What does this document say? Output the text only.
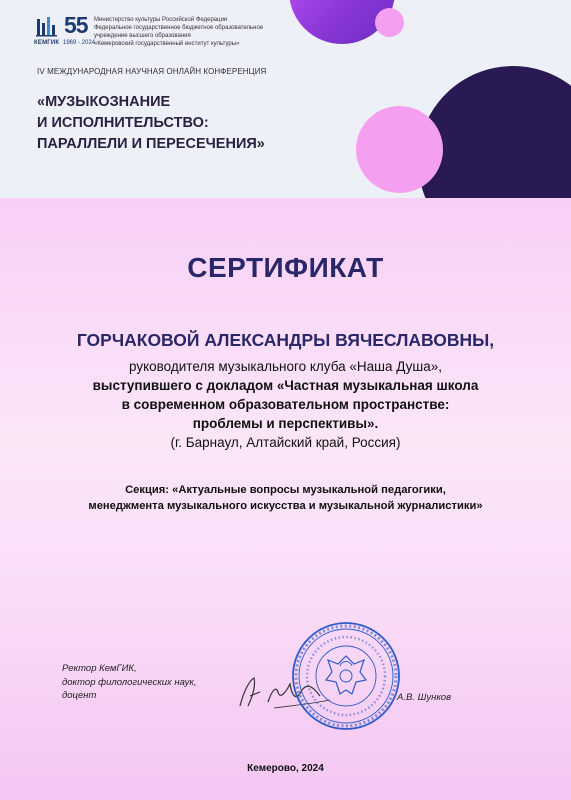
КЕМГИК
55
1969 - 2024
Министерство культуры Российской Федерации
Федеральное государственное бюджетное образовательное
учреждение высшего образования
«Кемеровский государственный институт культуры»
IV МЕЖДУНАРОДНАЯ НАУЧНАЯ ОНЛАЙН КОНФЕРЕНЦИЯ
«МУЗЫКОЗНАНИЕ
И ИСПОЛНИТЕЛЬСТВО:
ПАРАЛЛЕЛИ И ПЕРЕСЕЧЕНИЯ»
СЕРТИФИКАТ
ГОРЧАКОВОЙ АЛЕКСАНДРЫ ВЯЧЕСЛАВОВНЫ,
руководителя музыкального клуба «Наша Душа»,
выступившего с докладом «Частная музыкальная школа
в современном образовательном пространстве:
проблемы и перспективы».
(г. Барнаул, Алтайский край, Россия)
Секция: «Актуальные вопросы музыкальной педагогики,
менеджмента музыкального искусства и музыкальной журналистики»
Ректор КемГИК,
доктор филологических наук,
доцент	А.В. Шунков
Кемерово, 2024
